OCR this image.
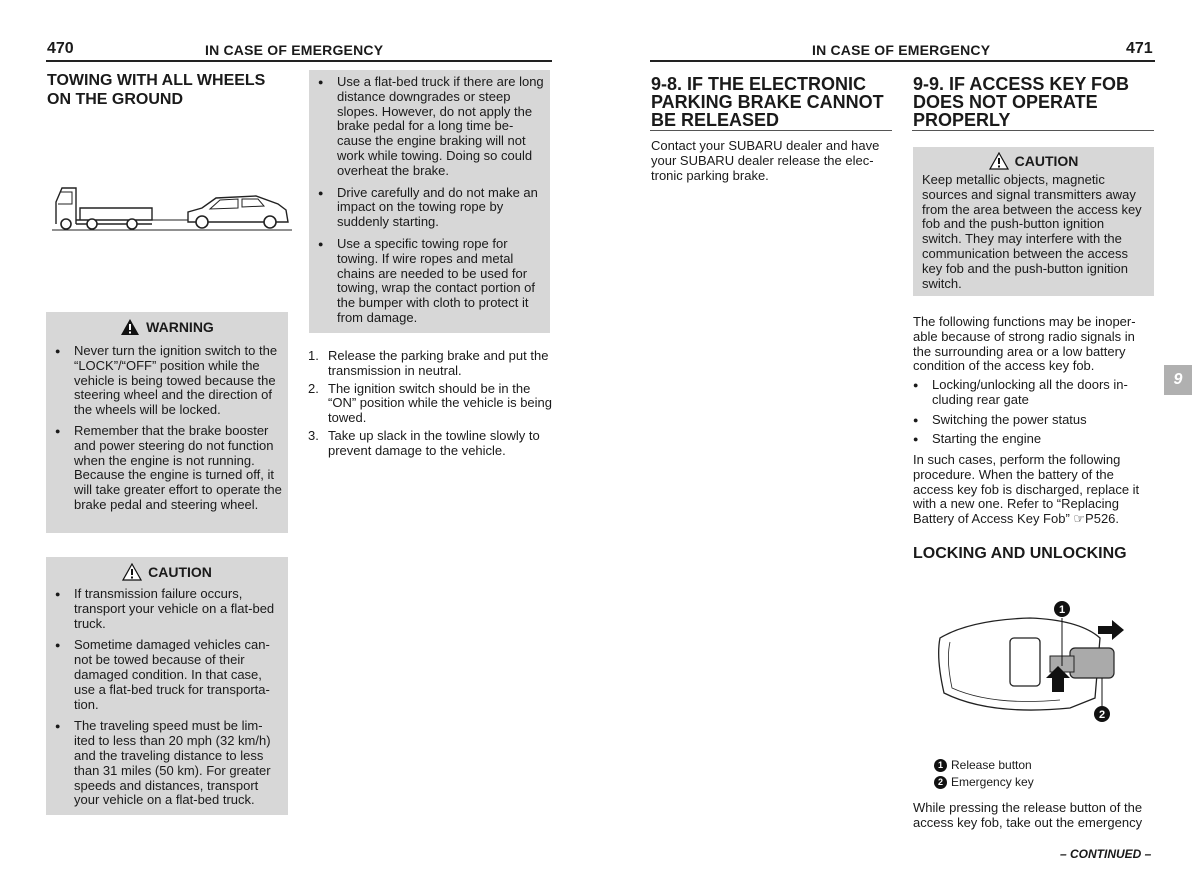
470	IN CASE OF EMERGENCY
TOWING WITH ALL WHEELS ON THE GROUND
WARNING
● Never turn the ignition switch to the “LOCK”/“OFF” position while the vehicle is being towed because the steering wheel and the direction of the wheels will be locked.
● Remember that the brake booster and power steering do not function when the engine is not running. Because the engine is turned off, it will take greater effort to operate the brake pedal and steering wheel.
CAUTION
● If transmission failure occurs, transport your vehicle on a flat-bed truck.
● Sometime damaged vehicles can-not be towed because of their damaged condition. In that case, use a flat-bed truck for transporta-tion.
● The traveling speed must be lim-ited to less than 20 mph (32 km/h) and the traveling distance to less than 31 miles (50 km). For greater speeds and distances, transport your vehicle on a flat-bed truck.
● Use a flat-bed truck if there are long distance downgrades or steep slopes. However, do not apply the brake pedal for a long time be-cause the engine braking will not work while towing. Doing so could overheat the brake.
● Drive carefully and do not make an impact on the towing rope by suddenly starting.
● Use a specific towing rope for towing. If wire ropes and metal chains are needed to be used for towing, wrap the contact portion of the bumper with cloth to protect it from damage.
1. Release the parking brake and put the transmission in neutral.
2. The ignition switch should be in the “ON” position while the vehicle is being towed.
3. Take up slack in the towline slowly to prevent damage to the vehicle.
IN CASE OF EMERGENCY	471
9-8. IF THE ELECTRONIC PARKING BRAKE CANNOT BE RELEASED
Contact your SUBARU dealer and have your SUBARU dealer release the elec-tronic parking brake.
9-9. IF ACCESS KEY FOB DOES NOT OPERATE PROPERLY
CAUTION
Keep metallic objects, magnetic sources and signal transmitters away from the area between the access key fob and the push-button ignition switch. They may interfere with the communication between the access key fob and the push-button ignition switch.
The following functions may be inoper-able because of strong radio signals in the surrounding area or a low battery condition of the access key fob.
● Locking/unlocking all the doors in-cluding rear gate
● Switching the power status
● Starting the engine
In such cases, perform the following procedure. When the battery of the access key fob is discharged, replace it with a new one. Refer to “Replacing Battery of Access Key Fob” ☞P526.
LOCKING AND UNLOCKING
1
2
1 Release button
2 Emergency key
While pressing the release button of the access key fob, take out the emergency
– CONTINUED –
9
